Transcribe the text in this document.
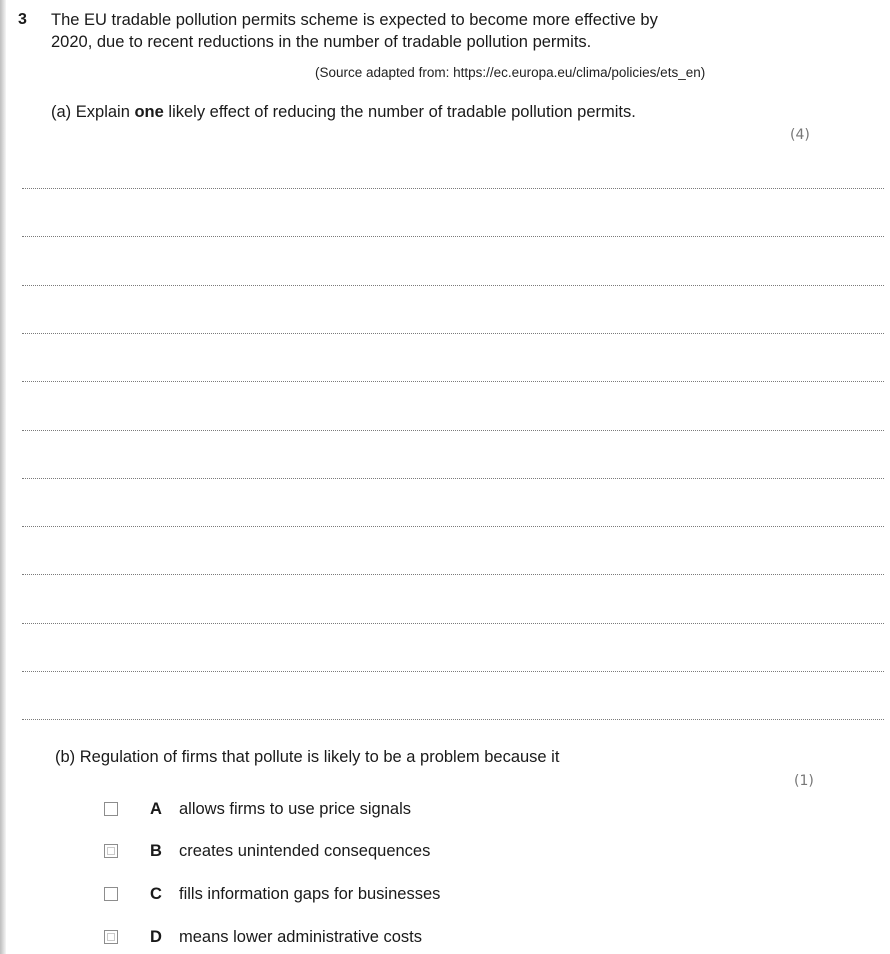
3 The EU tradable pollution permits scheme is expected to become more effective by
2020, due to recent reductions in the number of tradable pollution permits.
(Source adapted from: https://ec.europa.eu/clima/policies/ets_en)
(a) Explain one likely effect of reducing the number of tradable pollution permits.
(4)
(b) Regulation of firms that pollute is likely to be a problem because it
(1)
A	allows firms to use price signals
B	creates unintended consequences
C	fills information gaps for businesses
D	means lower administrative costs
